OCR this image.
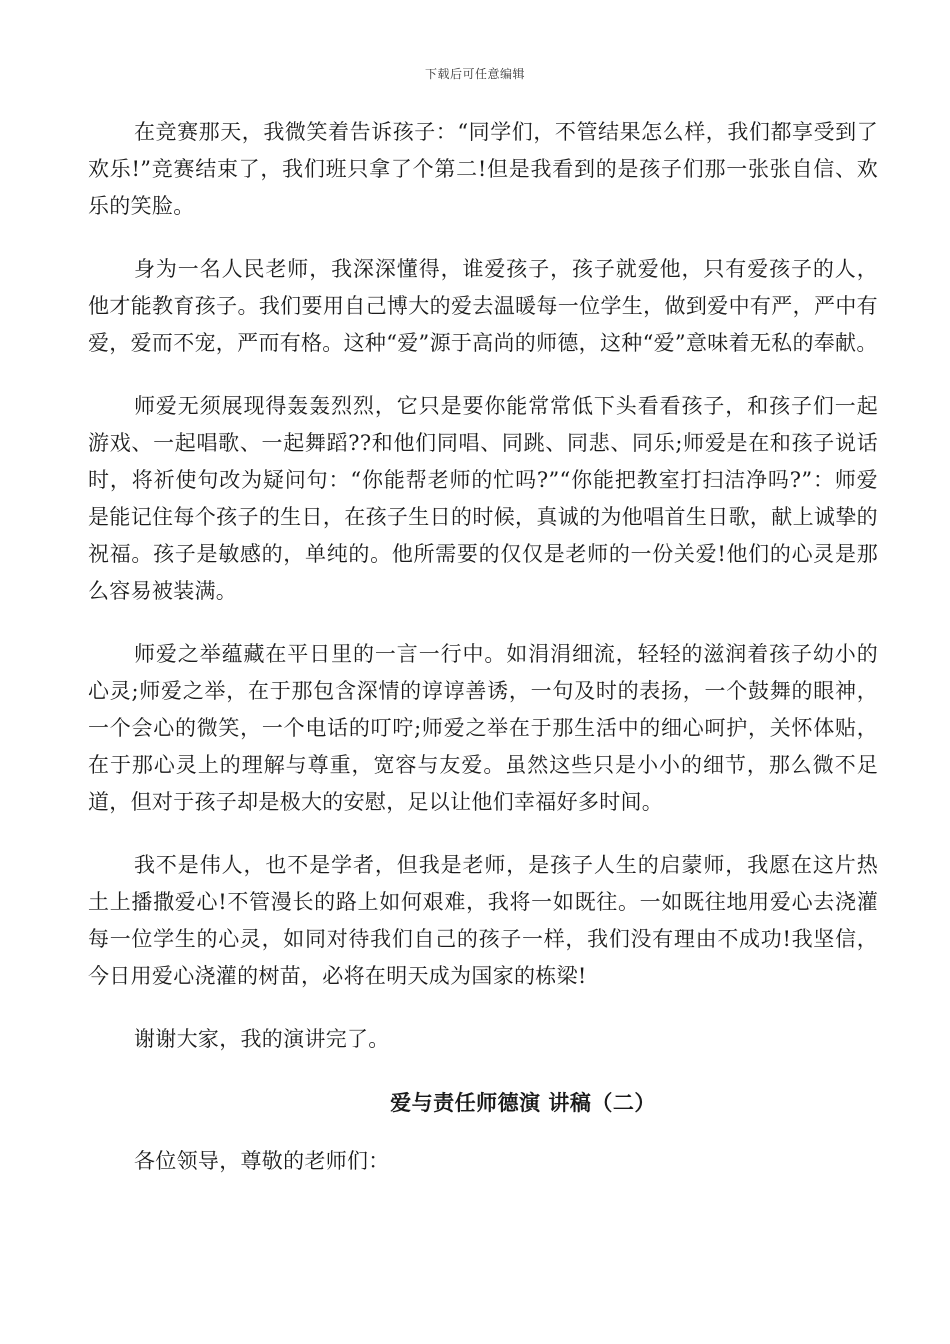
下载后可任意编辑

在竞赛那天，我微笑着告诉孩子：“同学们，不管结果怎么样，我们都享受到了欢乐!”竞赛结束了，我们班只拿了个第二!但是我看到的是孩子们那一张张自信、欢乐的笑脸。

身为一名人民老师，我深深懂得，谁爱孩子，孩子就爱他，只有爱孩子的人，他才能教育孩子。我们要用自己博大的爱去温暖每一位学生，做到爱中有严，严中有爱，爱而不宠，严而有格。这种“爱”源于高尚的师德，这种“爱”意味着无私的奉献。

师爱无须展现得轰轰烈烈，它只是要你能常常低下头看看孩子，和孩子们一起游戏、一起唱歌、一起舞蹈??和他们同唱、同跳、同悲、同乐;师爱是在和孩子说话时，将祈使句改为疑问句：“你能帮老师的忙吗?”“你能把教室打扫洁净吗?”：师爱是能记住每个孩子的生日，在孩子生日的时候，真诚的为他唱首生日歌，献上诚挚的祝福。孩子是敏感的，单纯的。他所需要的仅仅是老师的一份关爱!他们的心灵是那么容易被装满。

师爱之举蕴藏在平日里的一言一行中。如涓涓细流，轻轻的滋润着孩子幼小的心灵;师爱之举，在于那包含深情的谆谆善诱，一句及时的表扬，一个鼓舞的眼神，一个会心的微笑，一个电话的叮咛;师爱之举在于那生活中的细心呵护，关怀体贴，在于那心灵上的理解与尊重，宽容与友爱。虽然这些只是小小的细节，那么微不足道，但对于孩子却是极大的安慰，足以让他们幸福好多时间。

我不是伟人，也不是学者，但我是老师，是孩子人生的启蒙师，我愿在这片热土上播撒爱心!不管漫长的路上如何艰难，我将一如既往。一如既往地用爱心去浇灌每一位学生的心灵，如同对待我们自己的孩子一样，我们没有理由不成功!我坚信，今日用爱心浇灌的树苗，必将在明天成为国家的栋梁!

谢谢大家，我的演讲完了。

爱与责任师德演 讲稿（二）

各位领导，尊敬的老师们：
